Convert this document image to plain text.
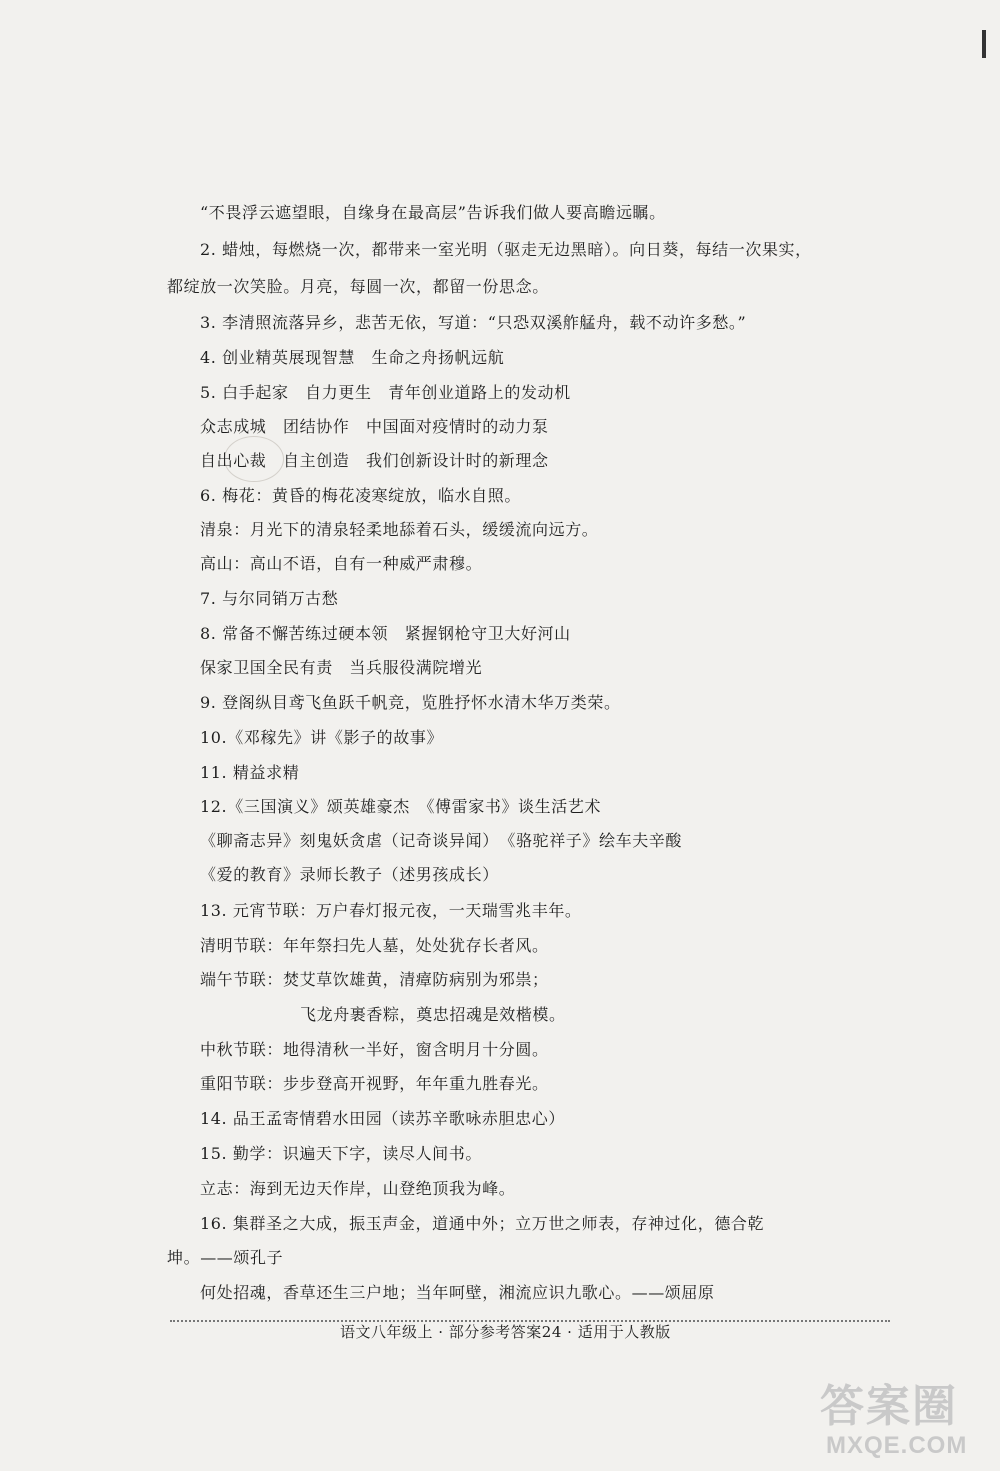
“不畏浮云遮望眼，自缘身在最高层”告诉我们做人要高瞻远瞩。
2. 蜡烛，每燃烧一次，都带来一室光明（驱走无边黑暗）。向日葵，每结一次果实，
都绽放一次笑脸。月亮，每圆一次，都留一份思念。
3. 李清照流落异乡，悲苦无依，写道：“只恐双溪舴艋舟，载不动许多愁。”
4. 创业精英展现智慧　生命之舟扬帆远航
5. 白手起家　自力更生　青年创业道路上的发动机
众志成城　团结协作　中国面对疫情时的动力泵
自出心裁　自主创造　我们创新设计时的新理念
6. 梅花：黄昏的梅花凌寒绽放，临水自照。
清泉：月光下的清泉轻柔地舔着石头，缓缓流向远方。
高山：高山不语，自有一种威严肃穆。
7. 与尔同销万古愁
8. 常备不懈苦练过硬本领　紧握钢枪守卫大好河山
保家卫国全民有责　当兵服役满院增光
9. 登阁纵目鸢飞鱼跃千帆竞，览胜抒怀水清木华万类荣。
10.《邓稼先》讲《影子的故事》
11. 精益求精
12.《三国演义》颂英雄豪杰　《傅雷家书》谈生活艺术
《聊斋志异》刻鬼妖贪虐（记奇谈异闻）　《骆驼祥子》绘车夫辛酸
《爱的教育》录师长教子（述男孩成长）
13. 元宵节联：万户春灯报元夜，一天瑞雪兆丰年。
清明节联：年年祭扫先人墓，处处犹存长者风。
端午节联：焚艾草饮雄黄，清瘴防病别为邪祟；
飞龙舟裹香粽，奠忠招魂是效楷模。
中秋节联：地得清秋一半好，窗含明月十分圆。
重阳节联：步步登高开视野，年年重九胜春光。
14. 品王孟寄情碧水田园（读苏辛歌咏赤胆忠心）
15. 勤学：识遍天下字，读尽人间书。
立志：海到无边天作岸，山登绝顶我为峰。
16. 集群圣之大成，振玉声金，道通中外；立万世之师表，存神过化，德合乾
坤。——颂孔子
何处招魂，香草还生三户地；当年呵壁，湘流应识九歌心。——颂屈原
语文八年级上 · 部分参考答案24 · 适用于人教版
答案圈
MXQE.COM
